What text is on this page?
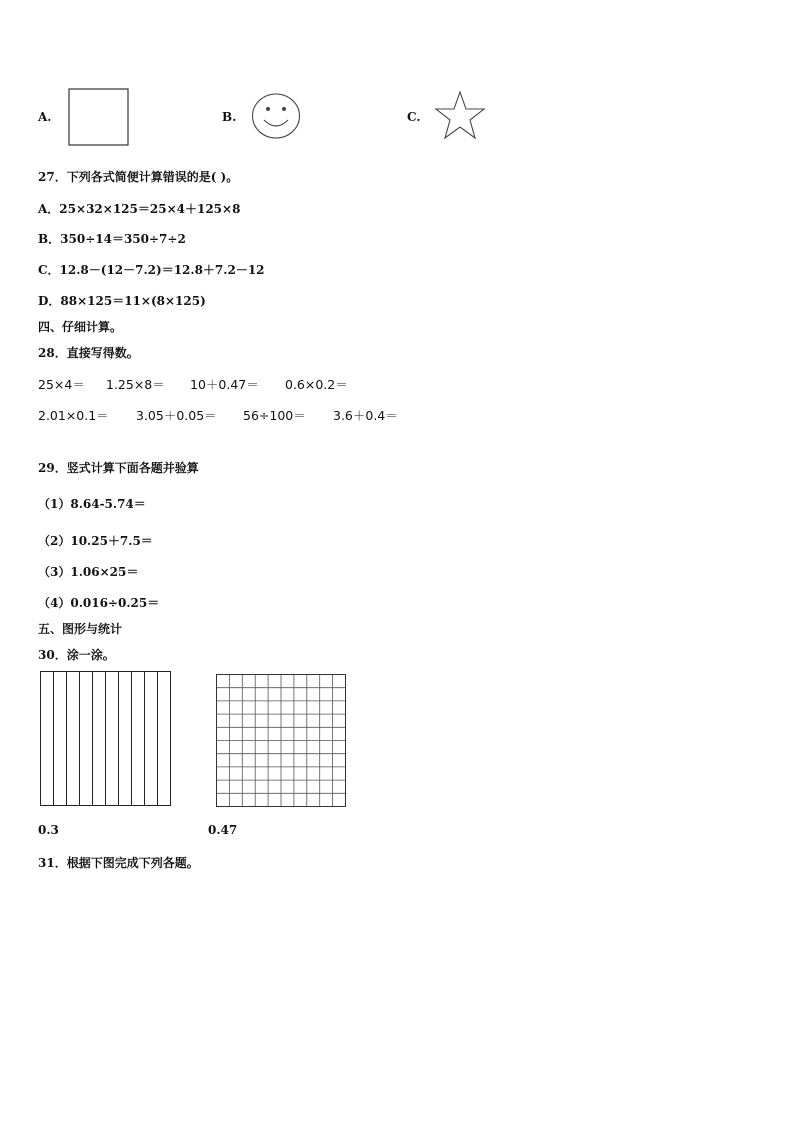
A.	B.	C.
27．下列各式简便计算错误的是( )。
A．25×32×125＝25×4＋125×8
B．350÷14＝350÷7÷2
C．12.8－(12－7.2)＝12.8＋7.2－12
D．88×125＝11×(8×125)
四、仔细计算。
28．直接写得数。
25×4＝ 1.25×8＝ 10＋0.47＝ 0.6×0.2＝
2.01×0.1＝ 3.05＋0.05＝ 56÷100＝ 3.6＋0.4＝
29．竖式计算下面各题并验算
（1）8.64-5.74＝
（2）10.25＋7.5＝
（3）1.06×25＝
（4）0.016÷0.25＝
五、图形与统计
30．涂一涂。
0.3	0.47
31．根据下图完成下列各题。
